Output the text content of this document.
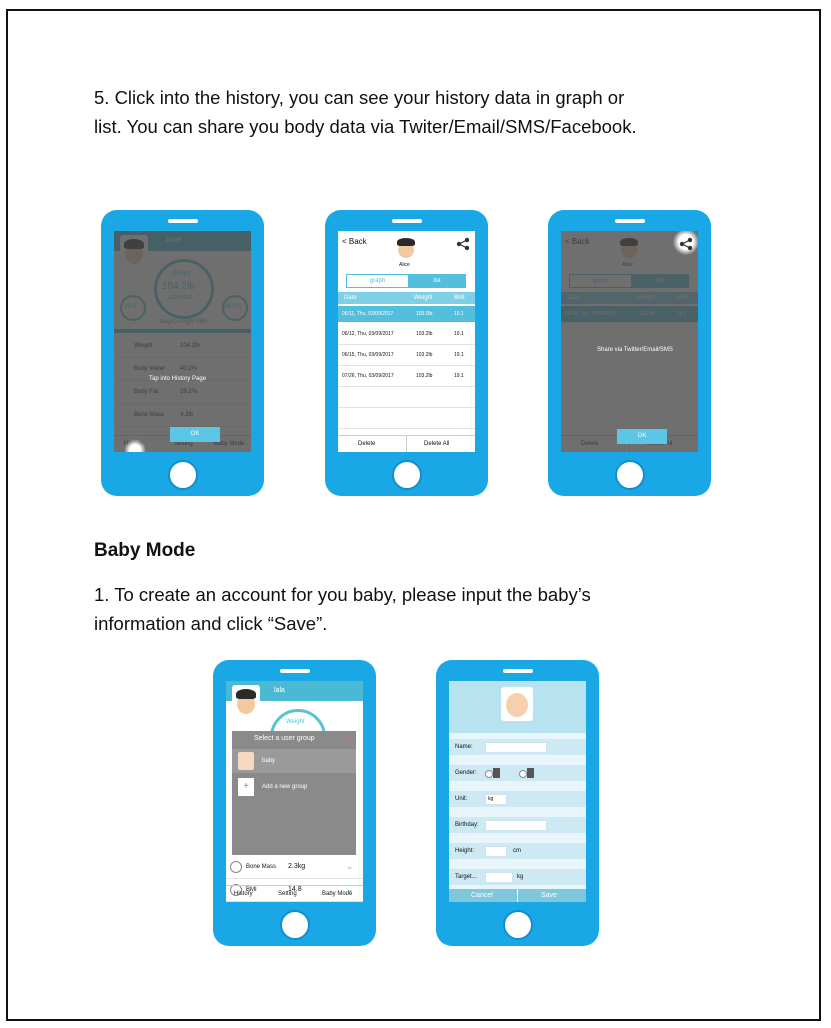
5. Click into the history, you can see your history data in graph or
list. You can share you body data via Twiter/Email/SMS/Facebook.

Tap into History Page
OK
< Back
Alice
graph	list
Date	Weight	BMI
06/11, Thu, 03/09/2017	103.0lb	19.1
06/12, Thu, 03/09/2017	103.2lb	19.1
06/15, Thu, 03/09/2017	103.2lb	19.1
07/26, Thu, 03/09/2017	103.2lb	19.1
Delete	Delete All
Share via Twitter/Email/SMS
OK
Baby Mode

1. To create an account for you baby, please input the baby’s
information and click “Save”.

lala
Weight
Bone Mass 2.3kg	⌄
BMI	14.8	⌄
History	Setting	Baby Mode
Select a user group	×
baby
+	Add a new group
Name:
Gender:
Unit:	kg
Birthday:
Height:	cm
Target...	kg
Cancel	Save
